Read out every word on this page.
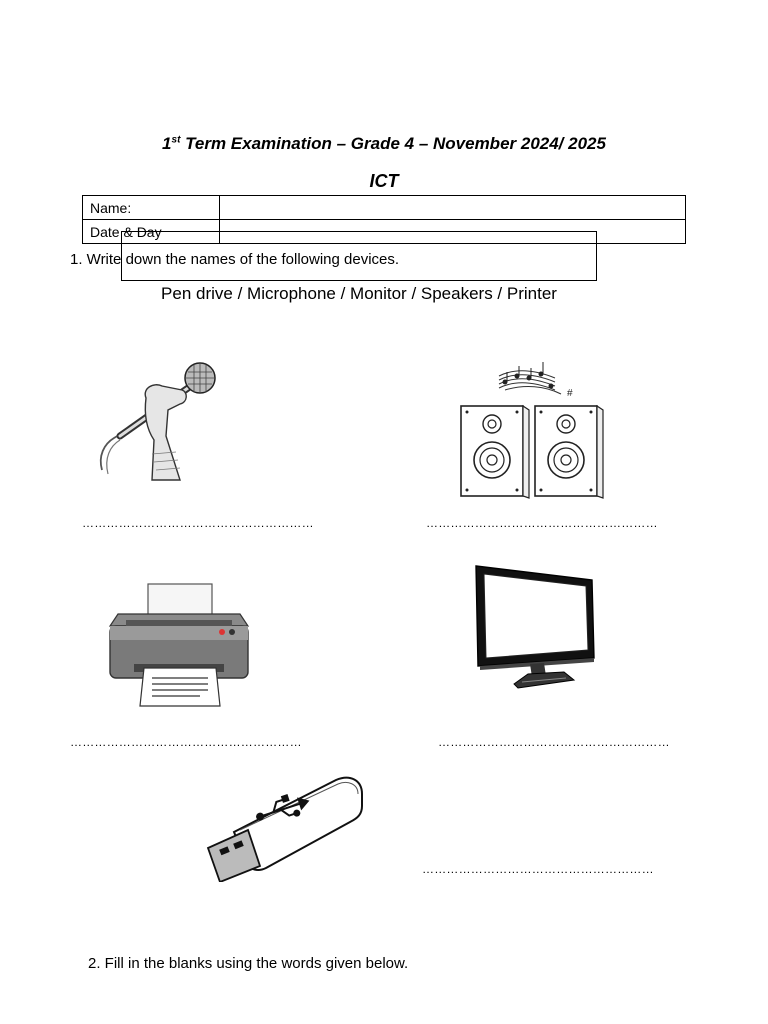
1st Term Examination – Grade 4 – November 2024/ 2025
ICT
Name:	
Date & Day	
1. Write down the names of the following devices.
Pen drive / Microphone / Monitor / Speakers / Printer
…………………………………………………
#
…………………………………………………
…………………………………………………	…………………………………………………
…………………………………………………
2. Fill in the blanks using the words given below.
